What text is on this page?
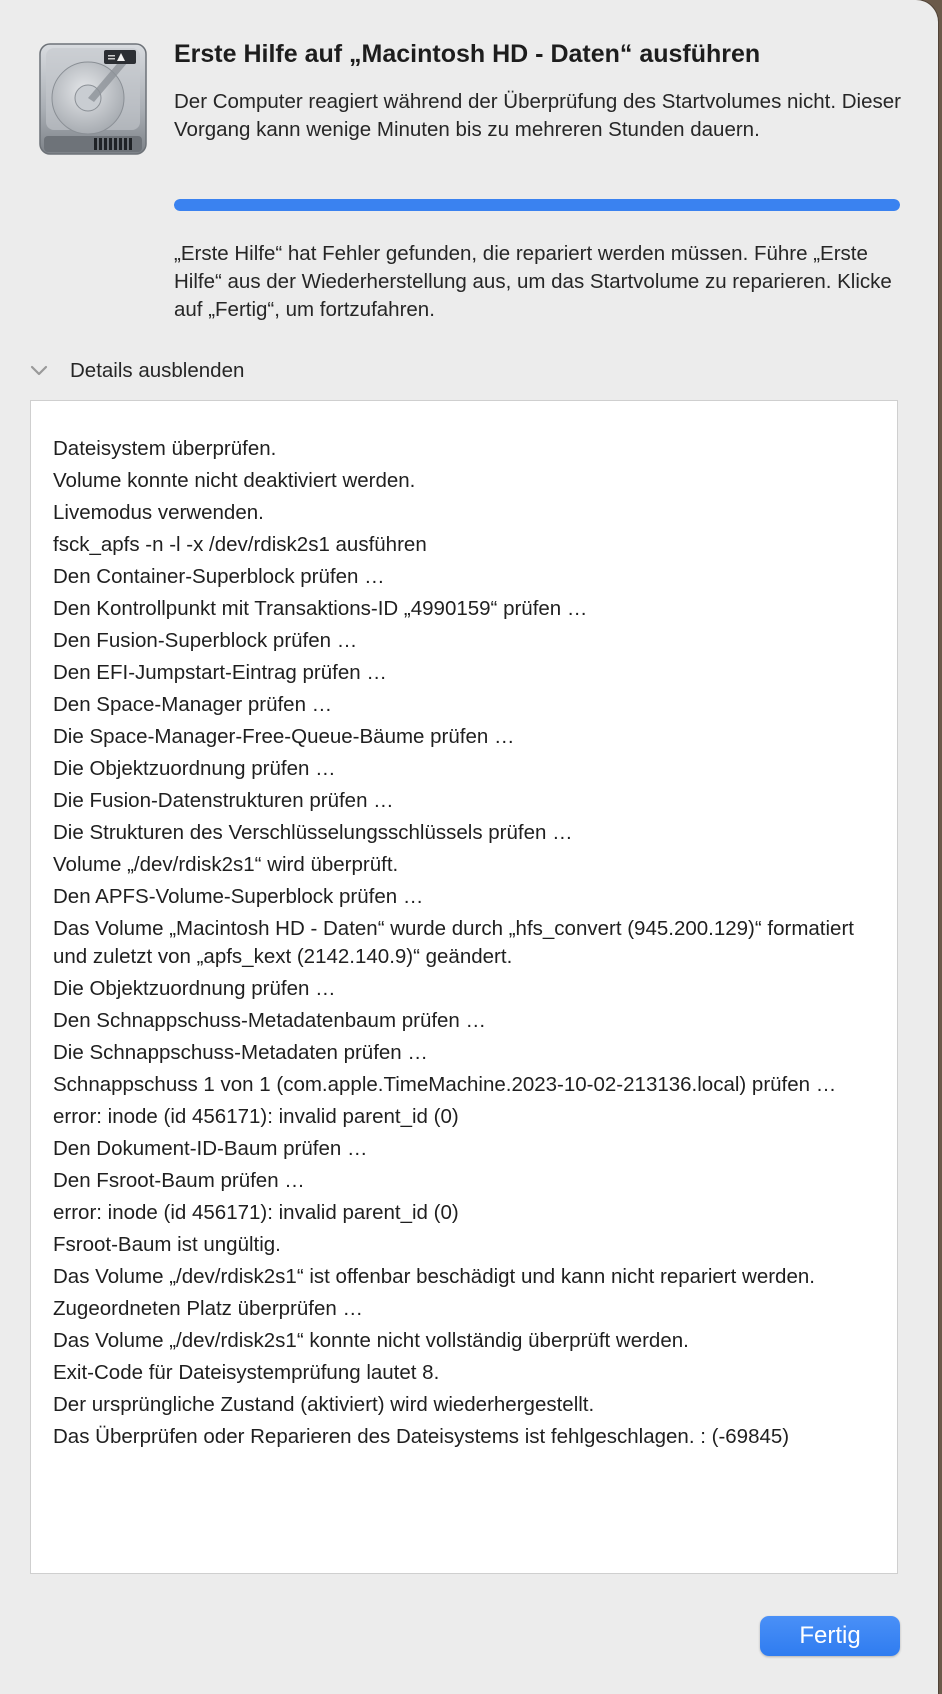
Erste Hilfe auf „Macintosh HD - Daten“ ausführen
Der Computer reagiert während der Überprüfung des Startvolumes nicht. Dieser Vorgang kann wenige Minuten bis zu mehreren Stunden dauern.
„Erste Hilfe“ hat Fehler gefunden, die repariert werden müssen. Führe „Erste Hilfe“ aus der Wiederherstellung aus, um das Startvolume zu reparieren. Klicke auf „Fertig“, um fortzufahren.
Details ausblenden
Dateisystem überprüfen.
Volume konnte nicht deaktiviert werden.
Livemodus verwenden.
fsck_apfs -n -l -x /dev/rdisk2s1 ausführen
Den Container-Superblock prüfen …
Den Kontrollpunkt mit Transaktions-ID „4990159“ prüfen …
Den Fusion-Superblock prüfen …
Den EFI-Jumpstart-Eintrag prüfen …
Den Space-Manager prüfen …
Die Space-Manager-Free-Queue-Bäume prüfen …
Die Objektzuordnung prüfen …
Die Fusion-Datenstrukturen prüfen …
Die Strukturen des Verschlüsselungsschlüssels prüfen …
Volume „/dev/rdisk2s1“ wird überprüft.
Den APFS-Volume-Superblock prüfen …
Das Volume „Macintosh HD - Daten“ wurde durch „hfs_convert (945.200.129)“ formatiert und zuletzt von „apfs_kext (2142.140.9)“ geändert.
Die Objektzuordnung prüfen …
Den Schnappschuss-Metadatenbaum prüfen …
Die Schnappschuss-Metadaten prüfen …
Schnappschuss 1 von 1 (com.apple.TimeMachine.2023-10-02-213136.local) prüfen …
error: inode (id 456171): invalid parent_id (0)
Den Dokument-ID-Baum prüfen …
Den Fsroot-Baum prüfen …
error: inode (id 456171): invalid parent_id (0)
Fsroot-Baum ist ungültig.
Das Volume „/dev/rdisk2s1“ ist offenbar beschädigt und kann nicht repariert werden.
Zugeordneten Platz überprüfen …
Das Volume „/dev/rdisk2s1“ konnte nicht vollständig überprüft werden.
Exit-Code für Dateisystemprüfung lautet 8.
Der ursprüngliche Zustand (aktiviert) wird wiederhergestellt.
Das Überprüfen oder Reparieren des Dateisystems ist fehlgeschlagen. : (-69845)
Fertig
